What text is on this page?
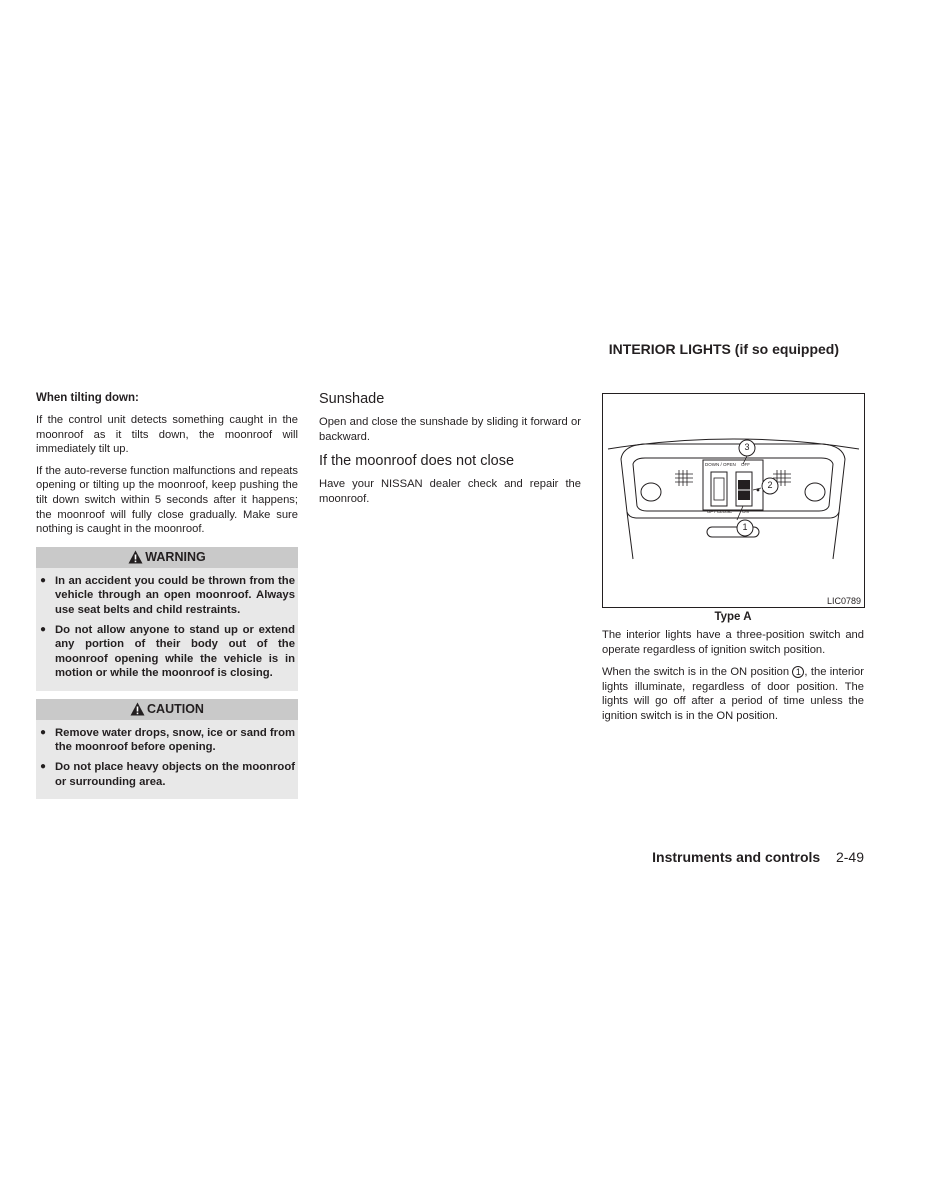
When tilting down:

If the control unit detects something caught in the moonroof as it tilts down, the moonroof will immediately tilt up.

If the auto-reverse function malfunctions and repeats opening or tilting up the moonroof, keep pushing the tilt down switch within 5 seconds after it happens; the moonroof will fully close gradually. Make sure nothing is caught in the moonroof.

WARNING
● In an accident you could be thrown from the vehicle through an open moonroof. Always use seat belts and child restraints.
● Do not allow anyone to stand up or extend any portion of their body out of the moonroof opening while the vehicle is in motion or while the moonroof is closing.
CAUTION
● Remove water drops, snow, ice or sand from the moonroof before opening.
● Do not place heavy objects on the moonroof or surrounding area.

Sunshade

Open and close the sunshade by sliding it forward or backward.

If the moonroof does not close

Have your NISSAN dealer check and repair the moonroof.

INTERIOR LIGHTS (if so equipped)
DOWN / OPEN
UP / CLOSE
OFF
ON
3
2
1
LIC0789
Type A

The interior lights have a three-position switch and operate regardless of ignition switch position.

When the switch is in the ON position 1 , the interior lights illuminate, regardless of door position. The lights will go off after a period of time unless the ignition switch is in the ON position.

Instruments and controls 2-49
